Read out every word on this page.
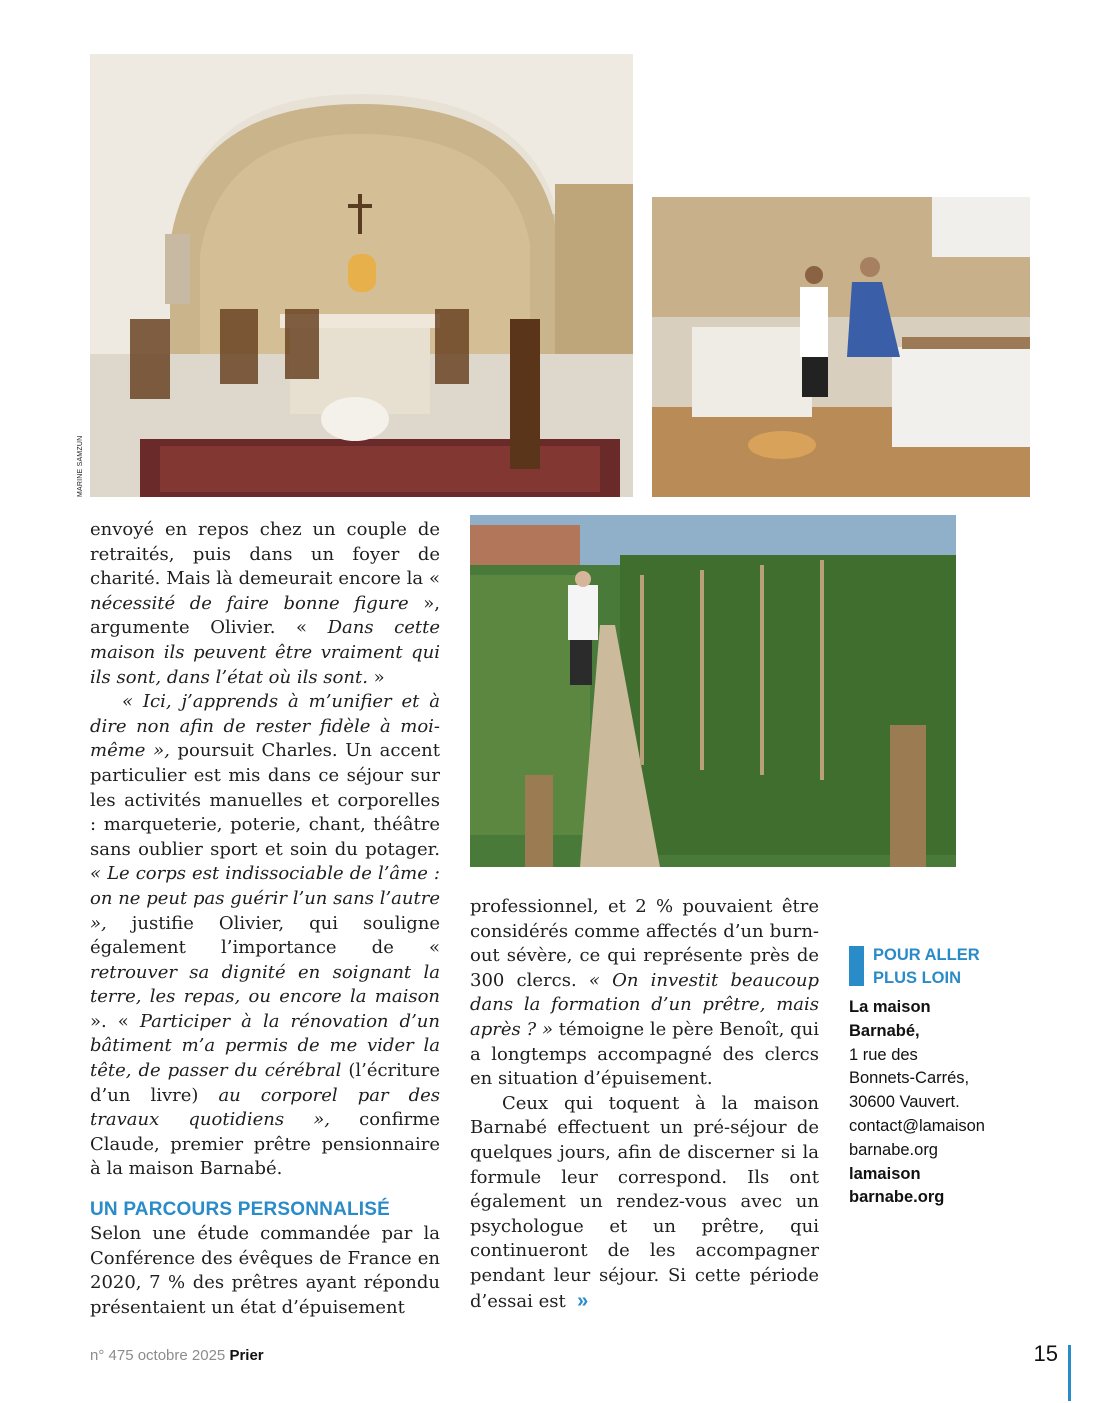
MARINE SAMZUN

envoyé en repos chez un couple de retraités, puis dans un foyer de charité. Mais là demeurait encore la « nécessité de faire bonne figure », argumente Olivier. « Dans cette maison ils peuvent être vraiment qui ils sont, dans l’état où ils sont. »

« Ici, j’apprends à m’unifier et à dire non afin de rester fidèle à moi-même », poursuit Charles. Un accent particulier est mis dans ce séjour sur les activités manuelles et corporelles : marqueterie, poterie, chant, théâtre sans oublier sport et soin du potager. « Le corps est indissociable de l’âme : on ne peut pas guérir l’un sans l’autre », justifie Olivier, qui souligne également l’importance de « retrouver sa dignité en soignant la terre, les repas, ou encore la maison ». « Participer à la rénovation d’un bâtiment m’a permis de me vider la tête, de passer du cérébral (l’écriture d’un livre) au corporel par des travaux quotidiens », confirme Claude, premier prêtre pensionnaire à la maison Barnabé.

UN PARCOURS PERSONNALISÉ

Selon une étude commandée par la Conférence des évêques de France en 2020, 7 % des prêtres ayant répondu présentaient un état d’épuisement

professionnel, et 2 % pouvaient être considérés comme affectés d’un burn-out sévère, ce qui représente près de 300 clercs. « On investit beaucoup dans la formation d’un prêtre, mais après ? » témoigne le père Benoît, qui a longtemps accompagné des clercs en situation d’épuisement.

Ceux qui toquent à la maison Barnabé effectuent un pré-séjour de quelques jours, afin de discerner si la formule leur correspond. Ils ont également un rendez-vous avec un psychologue et un prêtre, qui continueront de les accompagner pendant leur séjour. Si cette période d’essai est »

POUR ALLER
PLUS LOIN
La maison
Barnabé,
1 rue des
Bonnets-Carrés,
30600 Vauvert.
contact@lamaison
barnabe.org
lamaison
barnabe.org
n° 475 octobre 2025 Prier	15
